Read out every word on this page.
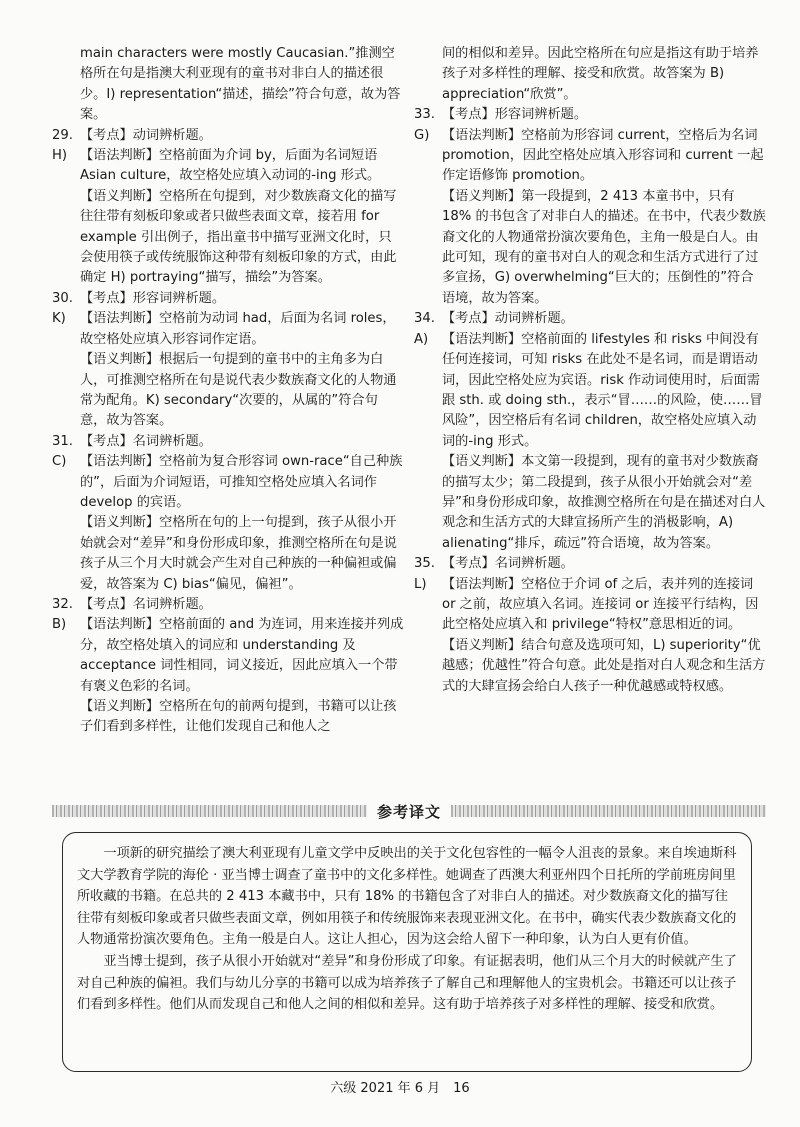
main characters were mostly Caucasian.”推测空格所在句是指澳大利亚现有的童书对非白人的描述很少。I) representation“描述，描绘”符合句意，故为答案。
29. 【考点】动词辨析题。
H) 【语法判断】空格前面为介词 by，后面为名词短语 Asian culture，故空格处应填入动词的-ing 形式。
【语义判断】空格所在句提到，对少数族裔文化的描写往往带有刻板印象或者只做些表面文章，接若用 for example 引出例子，指出童书中描写亚洲文化时，只会使用筷子或传统服饰这种带有刻板印象的方式，由此确定 H) portraying“描写，描绘”为答案。
30. 【考点】形容词辨析题。
K)	【语法判断】空格前为动词 had，后面为名词 roles，故空格处应填入形容词作定语。
【语义判断】根据后一句提到的童书中的主角多为白人，可推测空格所在句是说代表少数族裔文化的人物通常为配角。K) secondary“次要的，从属的”符合句意，故为答案。
31. 【考点】名词辨析题。
C)	【语法判断】空格前为复合形容词 own-race“自己种族的”，后面为介词短语，可推知空格处应填入名词作 develop 的宾语。
【语义判断】空格所在句的上一句提到，孩子从很小开始就会对“差异”和身份形成印象，推测空格所在句是说孩子从三个月大时就会产生对自己种族的一种偏袒或偏爱，故答案为 C) bias“偏见，偏袒”。
32. 【考点】名词辨析题。
B)	【语法判断】空格前面的 and 为连词，用来连接并列成分，故空格处填入的词应和 understanding 及 acceptance 词性相同，词义接近，因此应填入一个带有褒义色彩的名词。
【语义判断】空格所在句的前两句提到，书籍可以让孩子们看到多样性，让他们发现自己和他人之
间的相似和差异。因此空格所在句应是指这有助于培养孩子对多样性的理解、接受和欣赏。故答案为 B) appreciation“欣赏”。
33. 【考点】形容词辨析题。
G) 【语法判断】空格前为形容词 current，空格后为名词 promotion，因此空格处应填入形容词和 current 一起作定语修饰 promotion。
【语义判断】第一段提到，2 413 本童书中，只有 18% 的书包含了对非白人的描述。在书中，代表少数族裔文化的人物通常扮演次要角色，主角一般是白人。由此可知，现有的童书对白人的观念和生活方式进行了过多宣扬，G) overwhelming“巨大的；压倒性的”符合语境，故为答案。
34. 【考点】动词辨析题。
A)	【语法判断】空格前面的 lifestyles 和 risks 中间没有任何连接词，可知 risks 在此处不是名词，而是谓语动词，因此空格处应为宾语。risk 作动词使用时，后面需跟 sth. 或 doing sth.，表示“冒……的风险，使……冒风险”，因空格后有名词 children，故空格处应填入动词的-ing 形式。
【语义判断】本文第一段提到，现有的童书对少数族裔的描写太少；第二段提到，孩子从很小开始就会对“差异”和身份形成印象，故推测空格所在句是在描述对白人观念和生活方式的大肆宣扬所产生的消极影响，A) alienating“排斥，疏远”符合语境，故为答案。
35. 【考点】名词辨析题。
L)	【语法判断】空格位于介词 of 之后，表并列的连接词 or 之前，故应填入名词。连接词 or 连接平行结构，因此空格处应填入和 privilege“特权”意思相近的词。
【语义判断】结合句意及选项可知，L) superiority“优越感；优越性”符合句意。此处是指对白人观念和生活方式的大肆宣扬会给白人孩子一种优越感或特权感。
参考译文

一项新的研究描绘了澳大利亚现有儿童文学中反映出的关于文化包容性的一幅令人沮丧的景象。来自埃迪斯科文大学教育学院的海伦 · 亚当博士调查了童书中的文化多样性。她调查了西澳大利亚州四个日托所的学前班房间里所收藏的书籍。在总共的 2 413 本藏书中，只有 18% 的书籍包含了对非白人的描述。对少数族裔文化的描写往往带有刻板印象或者只做些表面文章，例如用筷子和传统服饰来表现亚洲文化。在书中，确实代表少数族裔文化的人物通常扮演次要角色。主角一般是白人。这让人担心，因为这会给人留下一种印象，认为白人更有价值。

亚当博士提到，孩子从很小开始就对“差异”和身份形成了印象。有证据表明，他们从三个月大的时候就产生了对自己种族的偏袒。我们与幼儿分享的书籍可以成为培养孩子了解自己和理解他人的宝贵机会。书籍还可以让孩子们看到多样性。他们从而发现自己和他人之间的相似和差异。这有助于培养孩子对多样性的理解、接受和欣赏。

六级 2021 年 6 月　16
